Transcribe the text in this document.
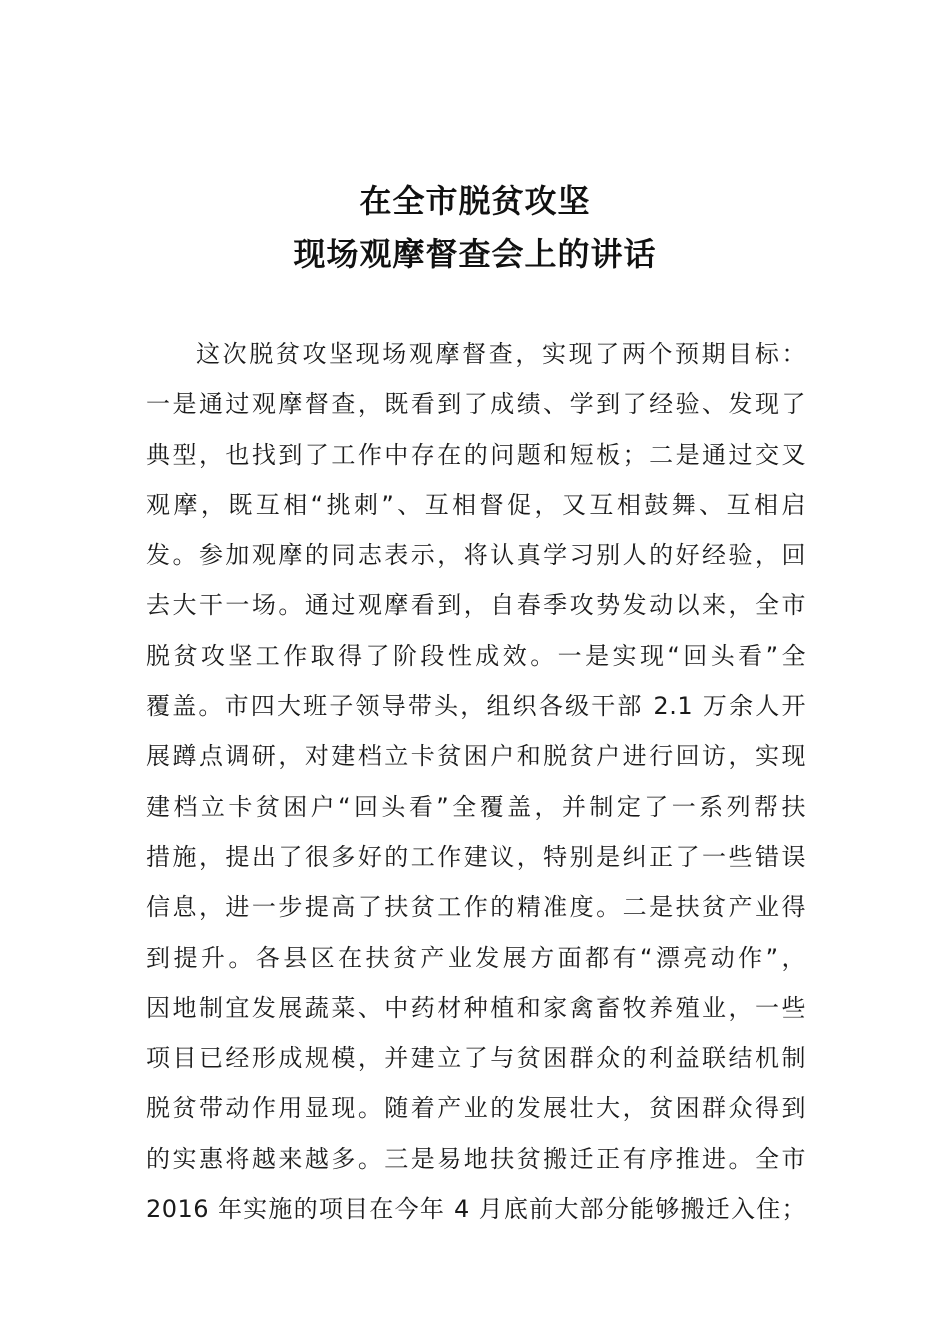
在全市脱贫攻坚
现场观摩督查会上的讲话
这次脱贫攻坚现场观摩督查，实现了两个预期目标：
一是通过观摩督查，既看到了成绩、学到了经验、发现了
典型，也找到了工作中存在的问题和短板；二是通过交叉
观摩，既互相“挑刺”、互相督促，又互相鼓舞、互相启
发。参加观摩的同志表示，将认真学习别人的好经验，回
去大干一场。通过观摩看到，自春季攻势发动以来，全市
脱贫攻坚工作取得了阶段性成效。一是实现“回头看”全
覆盖。市四大班子领导带头，组织各级干部 2.1 万余人开
展蹲点调研，对建档立卡贫困户和脱贫户进行回访，实现
建档立卡贫困户“回头看”全覆盖，并制定了一系列帮扶
措施，提出了很多好的工作建议，特别是纠正了一些错误
信息，进一步提高了扶贫工作的精准度。二是扶贫产业得
到提升。各县区在扶贫产业发展方面都有“漂亮动作”，
因地制宜发展蔬菜、中药材种植和家禽畜牧养殖业，一些
项目已经形成规模，并建立了与贫困群众的利益联结机制
脱贫带动作用显现。随着产业的发展壮大，贫困群众得到
的实惠将越来越多。三是易地扶贫搬迁正有序推进。全市
2016 年实施的项目在今年 4 月底前大部分能够搬迁入住；
